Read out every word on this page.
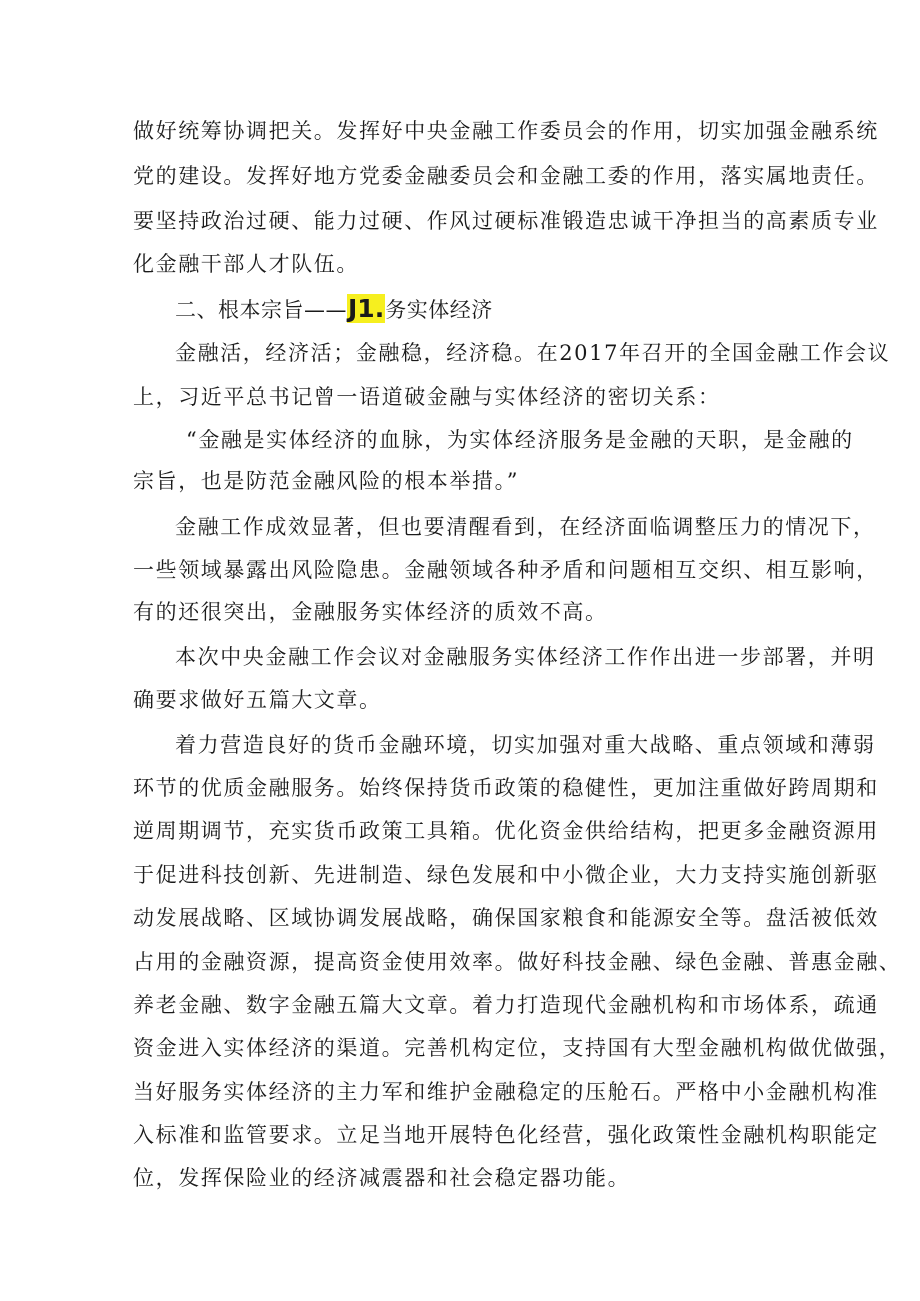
做好统筹协调把关。发挥好中央金融工作委员会的作用，切实加强金融系统
党的建设。发挥好地方党委金融委员会和金融工委的作用，落实属地责任。
要坚持政治过硬、能力过硬、作风过硬标准锻造忠诚干净担当的高素质专业
化金融干部人才队伍。
二、根本宗旨——J1.务实体经济
金融活，经济活；金融稳，经济稳。在2017年召开的全国金融工作会议
上，习近平总书记曾一语道破金融与实体经济的密切关系：
“金融是实体经济的血脉，为实体经济服务是金融的天职，是金融的
宗旨，也是防范金融风险的根本举措。”
金融工作成效显著，但也要清醒看到，在经济面临调整压力的情况下，
一些领域暴露出风险隐患。金融领域各种矛盾和问题相互交织、相互影响，
有的还很突出，金融服务实体经济的质效不高。
本次中央金融工作会议对金融服务实体经济工作作出进一步部署，并明
确要求做好五篇大文章。
着力营造良好的货币金融环境，切实加强对重大战略、重点领域和薄弱
环节的优质金融服务。始终保持货币政策的稳健性，更加注重做好跨周期和
逆周期调节，充实货币政策工具箱。优化资金供给结构，把更多金融资源用
于促进科技创新、先进制造、绿色发展和中小微企业，大力支持实施创新驱
动发展战略、区域协调发展战略，确保国家粮食和能源安全等。盘活被低效
占用的金融资源，提高资金使用效率。做好科技金融、绿色金融、普惠金融、
养老金融、数字金融五篇大文章。着力打造现代金融机构和市场体系，疏通
资金进入实体经济的渠道。完善机构定位，支持国有大型金融机构做优做强，
当好服务实体经济的主力军和维护金融稳定的压舱石。严格中小金融机构准
入标准和监管要求。立足当地开展特色化经营，强化政策性金融机构职能定
位，发挥保险业的经济减震器和社会稳定器功能。
